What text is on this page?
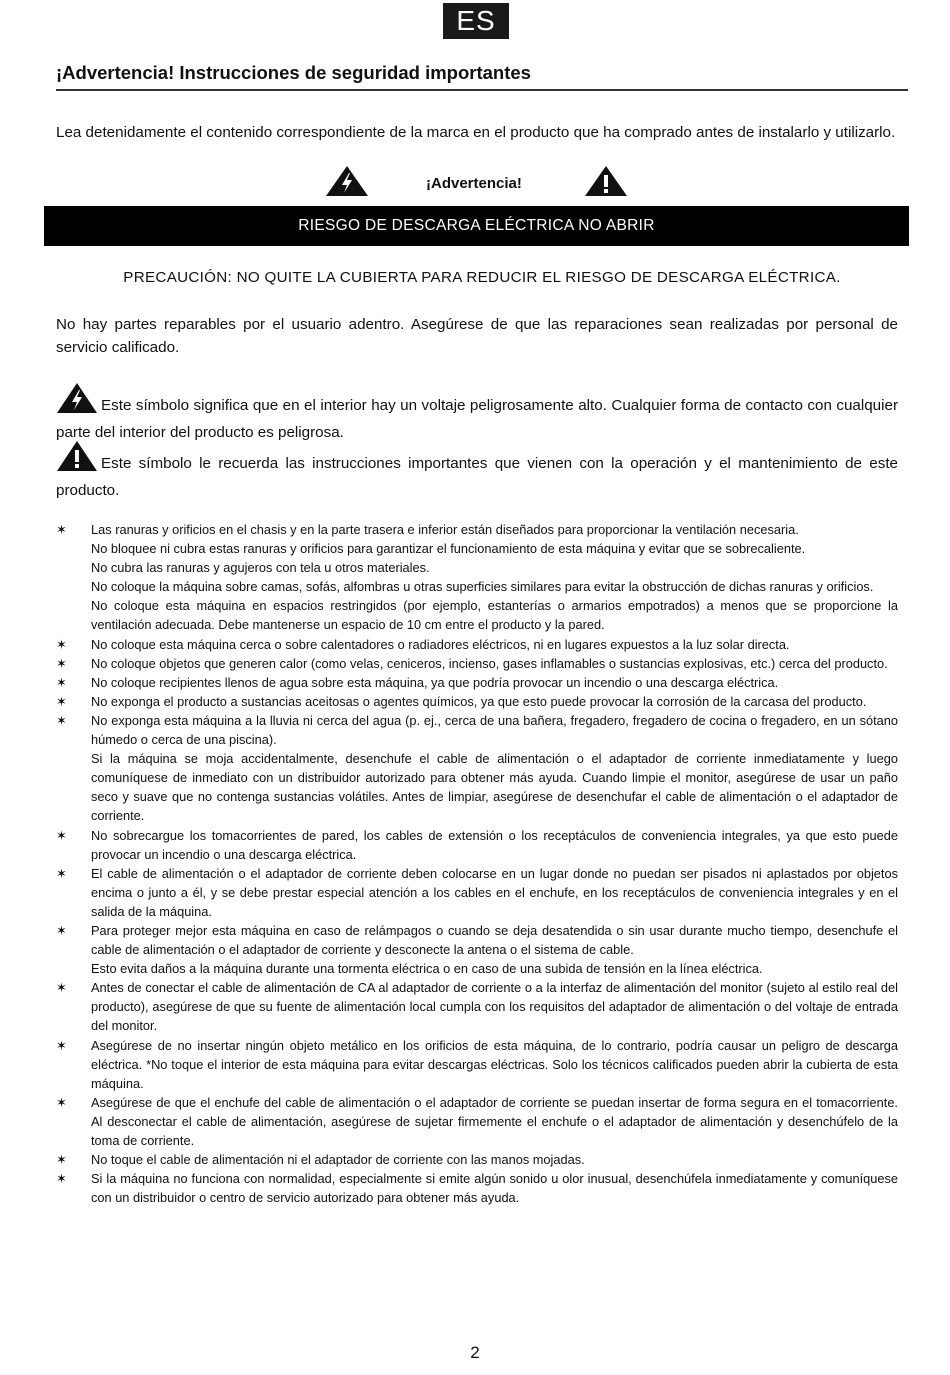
ES
¡Advertencia! Instrucciones de seguridad importantes
Lea detenidamente el contenido correspondiente de la marca en el producto que ha comprado antes de instalarlo y utilizarlo.
¡Advertencia!
RIESGO DE DESCARGA ELÉCTRICA NO ABRIR
PRECAUCIÓN: NO QUITE LA CUBIERTA PARA REDUCIR EL RIESGO DE DESCARGA ELÉCTRICA.
No hay partes reparables por el usuario adentro. Asegúrese de que las reparaciones sean realizadas por personal de servicio calificado.
Este símbolo significa que en el interior hay un voltaje peligrosamente alto. Cualquier forma de contacto con cualquier parte del interior del producto es peligrosa.
Este símbolo le recuerda las instrucciones importantes que vienen con la operación y el mantenimiento de este producto.
✶ Las ranuras y orificios en el chasis y en la parte trasera e inferior están diseñados para proporcionar la ventilación necesaria.
No bloquee ni cubra estas ranuras y orificios para garantizar el funcionamiento de esta máquina y evitar que se sobrecaliente.
No cubra las ranuras y agujeros con tela u otros materiales.
No coloque la máquina sobre camas, sofás, alfombras u otras superficies similares para evitar la obstrucción de dichas ranuras y orificios.
No coloque esta máquina en espacios restringidos (por ejemplo, estanterías o armarios empotrados) a menos que se proporcione la ventilación adecuada. Debe mantenerse un espacio de 10 cm entre el producto y la pared.
✶ No coloque esta máquina cerca o sobre calentadores o radiadores eléctricos, ni en lugares expuestos a la luz solar directa.
✶ No coloque objetos que generen calor (como velas, ceniceros, incienso, gases inflamables o sustancias explosivas, etc.) cerca del producto.
✶ No coloque recipientes llenos de agua sobre esta máquina, ya que podría provocar un incendio o una descarga eléctrica.
✶ No exponga el producto a sustancias aceitosas o agentes químicos, ya que esto puede provocar la corrosión de la carcasa del producto.
✶ No exponga esta máquina a la lluvia ni cerca del agua (p. ej., cerca de una bañera, fregadero, fregadero de cocina o fregadero, en un sótano húmedo o cerca de una piscina).
Si la máquina se moja accidentalmente, desenchufe el cable de alimentación o el adaptador de corriente inmediatamente y luego comuníquese de inmediato con un distribuidor autorizado para obtener más ayuda. Cuando limpie el monitor, asegúrese de usar un paño seco y suave que no contenga sustancias volátiles. Antes de limpiar, asegúrese de desenchufar el cable de alimentación o el adaptador de corriente.
✶ No sobrecargue los tomacorrientes de pared, los cables de extensión o los receptáculos de conveniencia integrales, ya que esto puede provocar un incendio o una descarga eléctrica.
✶ El cable de alimentación o el adaptador de corriente deben colocarse en un lugar donde no puedan ser pisados ni aplastados por objetos encima o junto a él, y se debe prestar especial atención a los cables en el enchufe, en los receptáculos de conveniencia integrales y en el salida de la máquina.
✶ Para proteger mejor esta máquina en caso de relámpagos o cuando se deja desatendida o sin usar durante mucho tiempo, desenchufe el cable de alimentación o el adaptador de corriente y desconecte la antena o el sistema de cable.
Esto evita daños a la máquina durante una tormenta eléctrica o en caso de una subida de tensión en la línea eléctrica.
✶ Antes de conectar el cable de alimentación de CA al adaptador de corriente o a la interfaz de alimentación del monitor (sujeto al estilo real del producto), asegúrese de que su fuente de alimentación local cumpla con los requisitos del adaptador de alimentación o del voltaje de entrada del monitor.
✶ Asegúrese de no insertar ningún objeto metálico en los orificios de esta máquina, de lo contrario, podría causar un peligro de descarga eléctrica. *No toque el interior de esta máquina para evitar descargas eléctricas. Solo los técnicos calificados pueden abrir la cubierta de esta máquina.
✶ Asegúrese de que el enchufe del cable de alimentación o el adaptador de corriente se puedan insertar de forma segura en el tomacorriente. Al desconectar el cable de alimentación, asegúrese de sujetar firmemente el enchufe o el adaptador de alimentación y desenchúfelo de la toma de corriente.
✶ No toque el cable de alimentación ni el adaptador de corriente con las manos mojadas.
✶ Si la máquina no funciona con normalidad, especialmente si emite algún sonido u olor inusual, desenchúfela inmediatamente y comuníquese con un distribuidor o centro de servicio autorizado para obtener más ayuda.
2
